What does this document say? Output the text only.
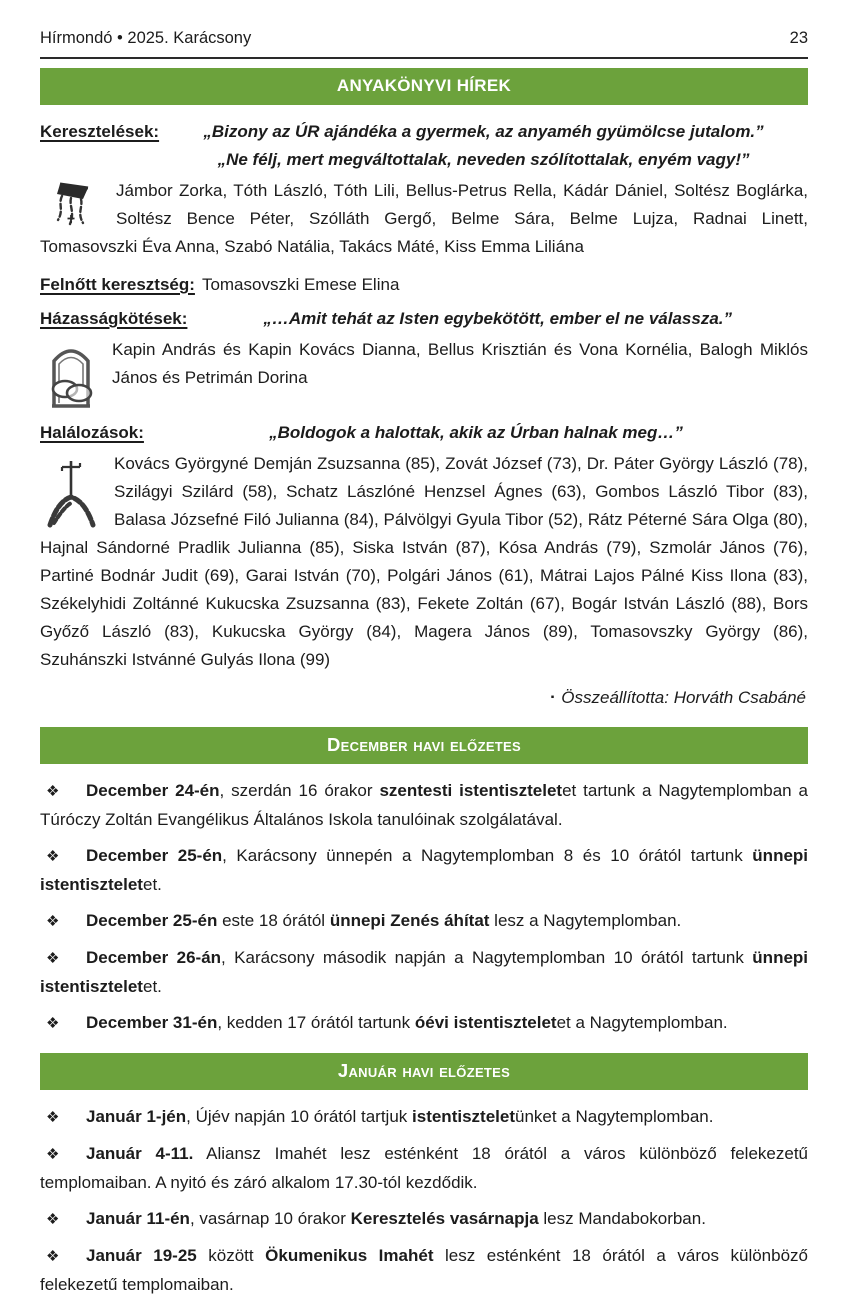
Hírmondó • 2025. Karácsony	23
ANYAKÖNYVI HÍREK
Keresztelések:	„Bizony az ÚR ajándéka a gyermek, az anyaméh gyümölcse jutalom.”
„Ne félj, mert megváltottalak, neveden szólítottalak, enyém vagy!”
Jámbor Zorka, Tóth László, Tóth Lili, Bellus-Petrus Rella, Kádár Dániel, Soltész Boglárka, Soltész Bence Péter, Szólláth Gergő, Belme Sára, Belme Lujza, Radnai Linett, Tomasovszki Éva Anna, Szabó Natália, Takács Máté, Kiss Emma Liliána
Felnőtt keresztség: Tomasovszki Emese Elina
Házasságkötések:	„…Amit tehát az Isten egybekötött, ember el ne válassza.”
Kapin András és Kapin Kovács Dianna, Bellus Krisztián és Vona Kornélia, Balogh Miklós János és Petrimán Dorina
Halálozások:	„Boldogok a halottak, akik az Úrban halnak meg…”
Kovács Györgyné Demján Zsuzsanna (85), Zovát József (73), Dr. Páter György László (78), Szilágyi Szilárd (58), Schatz Lászlóné Henzsel Ágnes (63), Gombos László Tibor (83), Balasa Józsefné Filó Julianna (84), Pálvölgyi Gyula Tibor (52), Rátz Péterné Sára Olga (80), Hajnal Sándorné Pradlik Julianna (85), Siska István (87), Kósa András (79), Szmolár János (76), Partiné Bodnár Judit (69), Garai István (70), Polgári János (61), Mátrai Lajos Pálné Kiss Ilona (83), Székelyhidi Zoltánné Kukucska Zsuzsanna (83), Fekete Zoltán (67), Bogár István László (88), Bors Győző László (83), Kukucska György (84), Magera János (89), Tomasovszky György (86), Szuhánszki Istvánné Gulyás Ilona (99)
▪ Összeállította: Horváth Csabáné
December havi előzetes

❖ December 24-én, szerdán 16 órakor szentesti istentiszteletet tartunk a Nagytemplomban a Túróczy Zoltán Evangélikus Általános Iskola tanulóinak szolgálatával.

❖ December 25-én, Karácsony ünnepén a Nagytemplomban 8 és 10 órától tartunk ünnepi istentiszteletet.

❖ December 25-én este 18 órától ünnepi Zenés áhítat lesz a Nagytemplomban.

❖ December 26-án, Karácsony második napján a Nagytemplomban 10 órától tartunk ünnepi istentiszteletet.

❖ December 31-én, kedden 17 órától tartunk óévi istentiszteletet a Nagytemplomban.

Január havi előzetes

❖ Január 1-jén, Újév napján 10 órától tartjuk istentiszteletünket a Nagytemplomban.

❖ Január 4-11. Aliansz Imahét lesz esténként 18 órától a város különböző felekezetű templomaiban. A nyitó és záró alkalom 17.30-tól kezdődik.

❖ Január 11-én, vasárnap 10 órakor Keresztelés vasárnapja lesz Mandabokorban.

❖ Január 19-25 között Ökumenikus Imahét lesz esténként 18 órától a város különböző felekezetű templomaiban.
